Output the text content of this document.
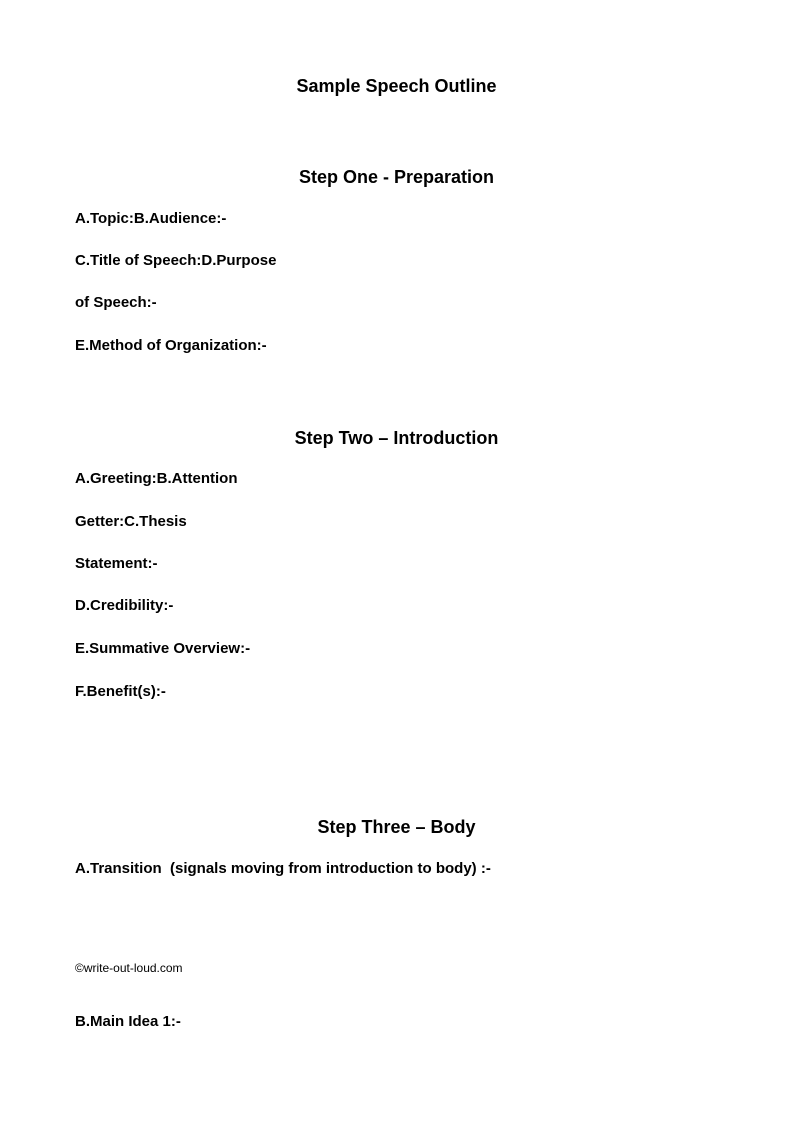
Sample Speech Outline
Step One - Preparation

A.Topic:B.Audience:-

C.Title of Speech:D.Purpose

of Speech:-

E.Method of Organization:-

Step Two – Introduction

A.Greeting:B.Attention

Getter:C.Thesis

Statement:-

D.Credibility:-

E.Summative Overview:-

F.Benefit(s):-

Step Three – Body

A.Transition  (signals moving from introduction to body) :-

©write-out-loud.com

B.Main Idea 1:-
